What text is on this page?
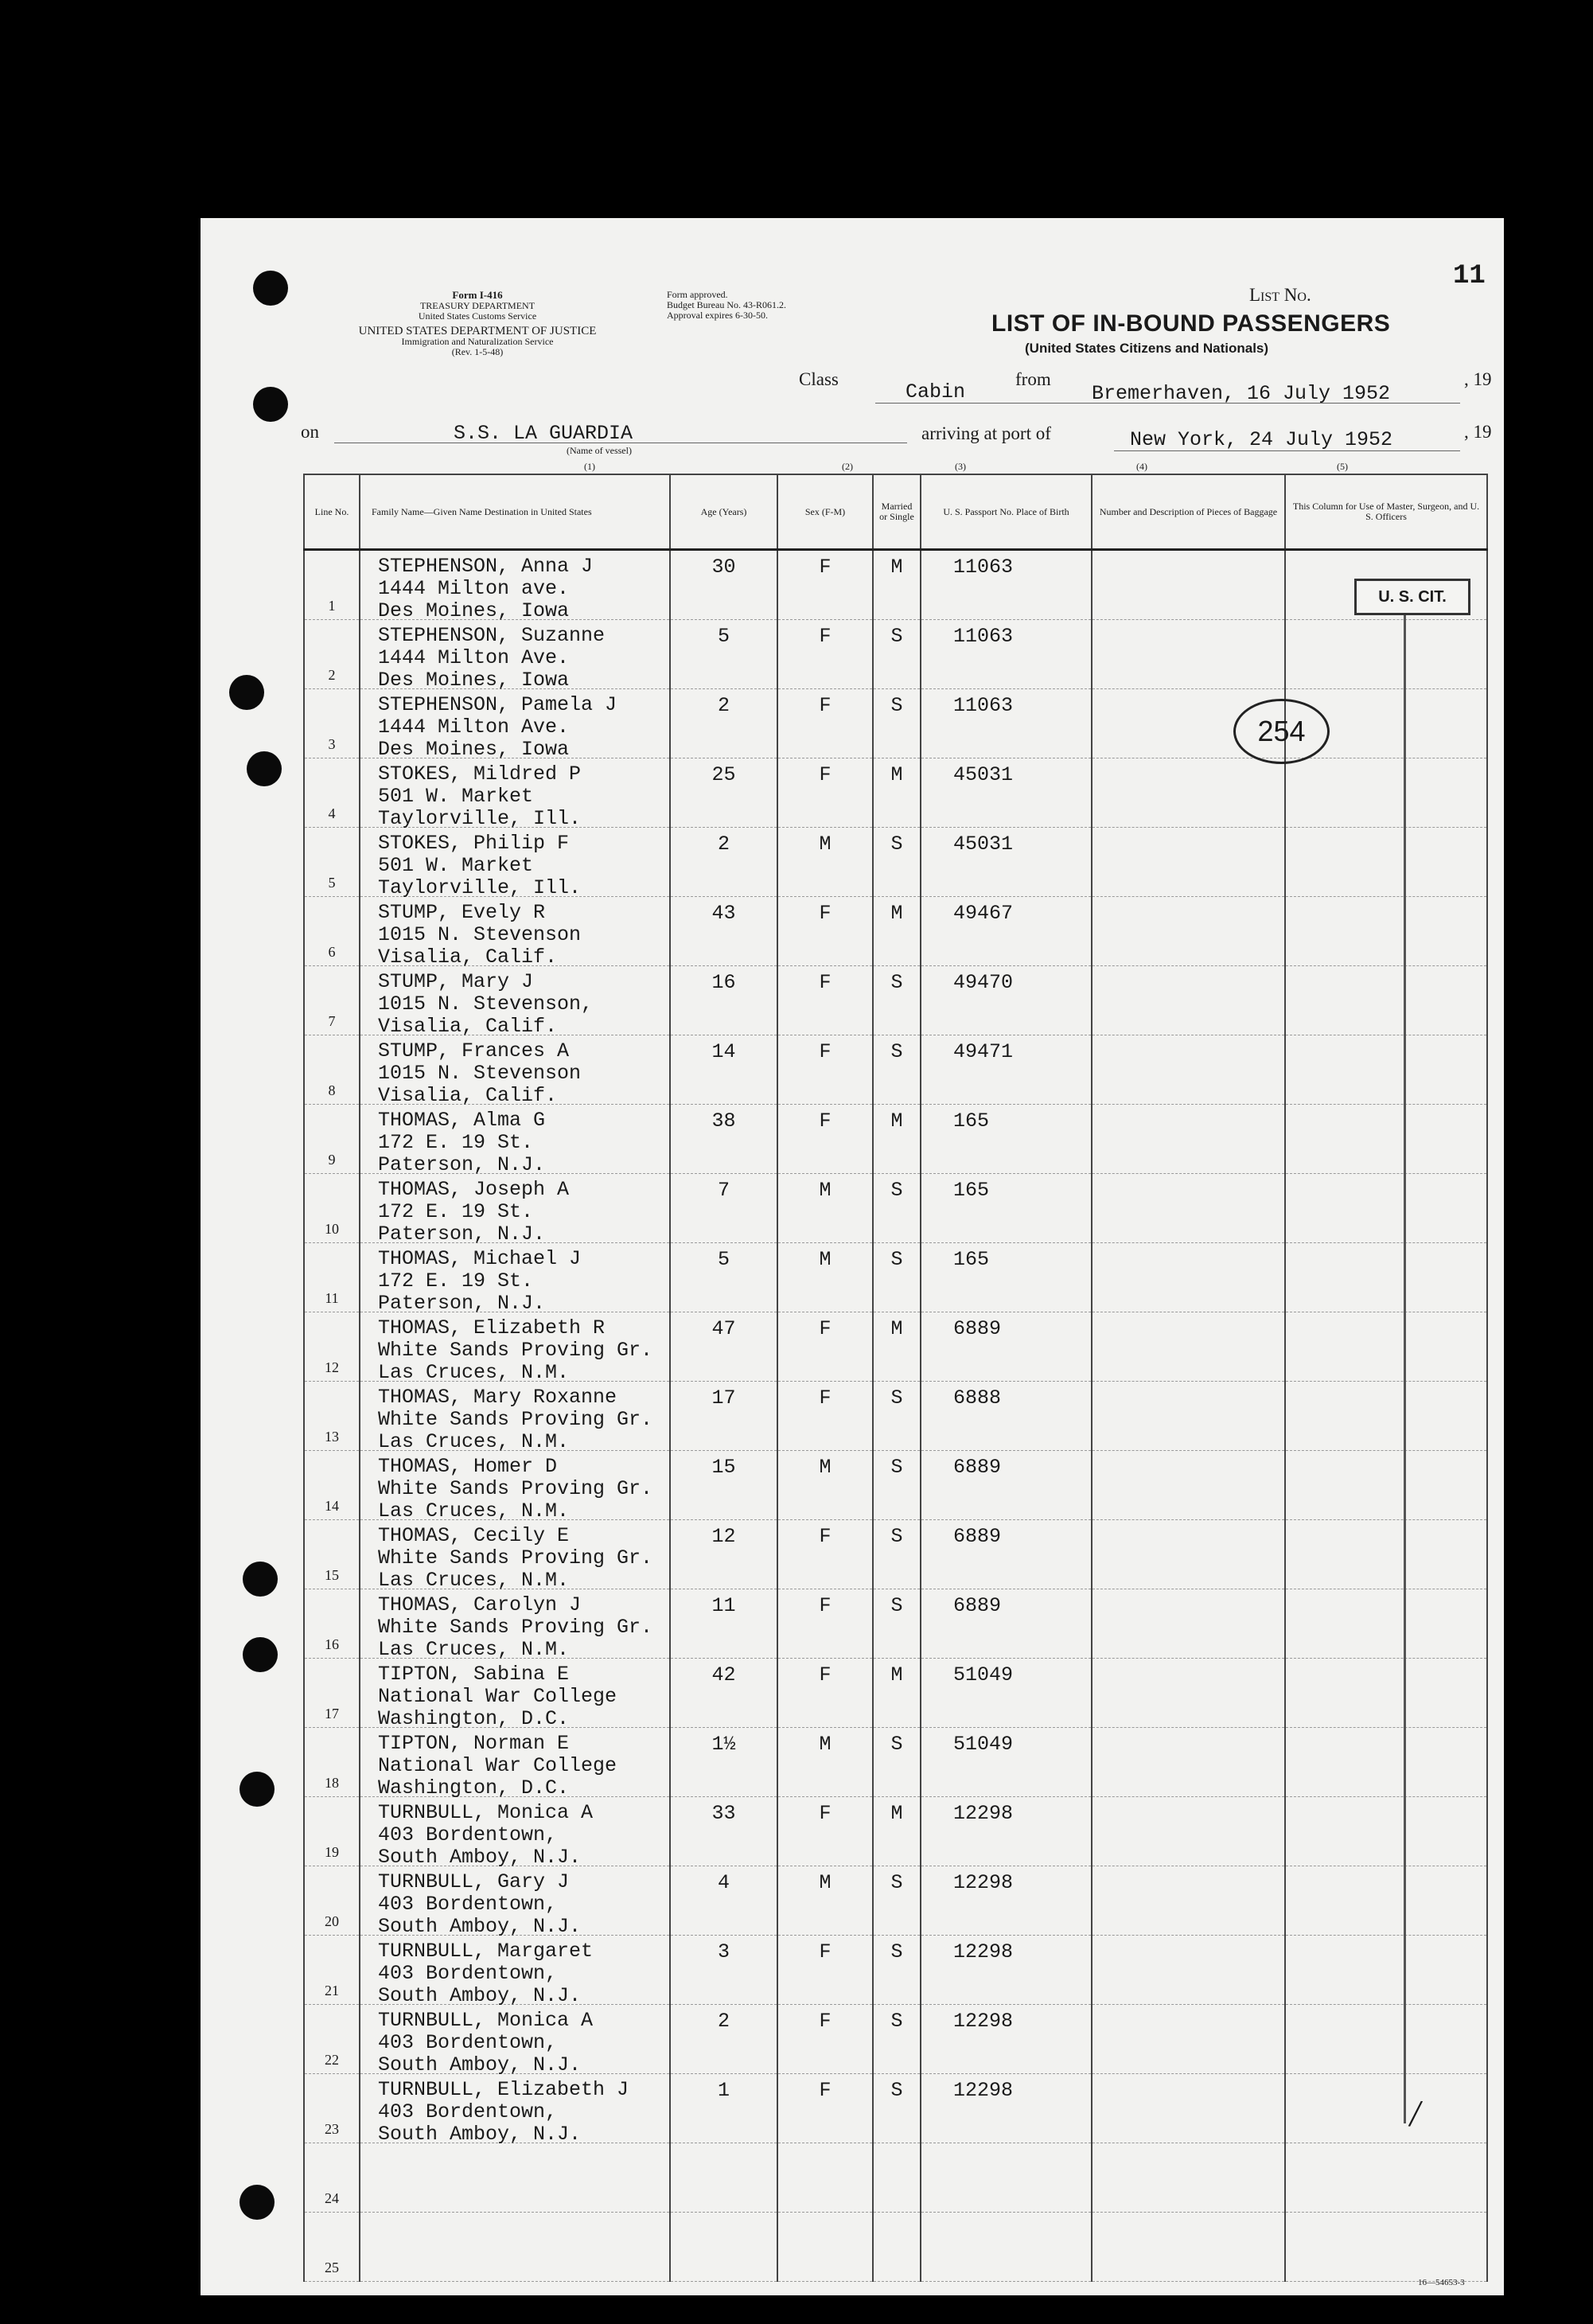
Form I-416
TREASURY DEPARTMENT
United States Customs Service
UNITED STATES DEPARTMENT OF JUSTICE
Immigration and Naturalization Service
(Rev. 1-5-48)
Form approved.
Budget Bureau No. 43-R061.2.
Approval expires 6-30-50.
List No.
11
LIST OF IN-BOUND PASSENGERS
(United States Citizens and Nationals)
Class
Cabin
from
Bremerhaven, 16 July 1952
, 19
on	S.S. LA GUARDIA
(Name of vessel)
arriving at port of	New York, 24 July 1952	, 19
(1)	(2)	(3)	(4)	(5)
Line No.	Family Name—Given Name Destination in United States	Age (Years)	Sex (F-M)	Married or Single	U. S. Passport No. Place of Birth	Number and Description of Pieces of Baggage	This Column for Use of Master, Surgeon, and U. S. Officers

1	STEPHENSON, Anna J
1444 Milton ave.
Des Moines, Iowa	30	F	M	11063		

2	STEPHENSON, Suzanne
1444 Milton Ave.
Des Moines, Iowa	5	F	S	11063		

3	STEPHENSON, Pamela J
1444 Milton Ave.
Des Moines, Iowa	2	F	S	11063		

4	STOKES, Mildred P
501 W. Market
Taylorville, Ill.	25	F	M	45031		

5	STOKES, Philip F
501 W. Market
Taylorville, Ill.	2	M	S	45031		

6	STUMP, Evely R
1015 N. Stevenson
Visalia, Calif.	43	F	M	49467		

7	STUMP, Mary J
1015 N. Stevenson,
Visalia, Calif.	16	F	S	49470		

8	STUMP, Frances A
1015 N. Stevenson
Visalia, Calif.	14	F	S	49471		

9	THOMAS, Alma G
172 E. 19 St.
Paterson, N.J.	38	F	M	165		

10	THOMAS, Joseph A
172 E. 19 St.
Paterson, N.J.	7	M	S	165		

11	THOMAS, Michael J
172 E. 19 St.
Paterson, N.J.	5	M	S	165		

12	THOMAS, Elizabeth R
White Sands Proving Gr.
Las Cruces, N.M.	47	F	M	6889		

13	THOMAS, Mary Roxanne
White Sands Proving Gr.
Las Cruces, N.M.	17	F	S	6888		

14	THOMAS, Homer D
White Sands Proving Gr.
Las Cruces, N.M.	15	M	S	6889		

15	THOMAS, Cecily E
White Sands Proving Gr.
Las Cruces, N.M.	12	F	S	6889		

16	THOMAS, Carolyn J
White Sands Proving Gr.
Las Cruces, N.M.	11	F	S	6889		

17	TIPTON, Sabina E
National War College
Washington, D.C.	42	F	M	51049		

18	TIPTON, Norman E
National War College
Washington, D.C.	1½	M	S	51049		

19	TURNBULL, Monica A
403 Bordentown,
South Amboy, N.J.	33	F	M	12298		

20	TURNBULL, Gary J
403 Bordentown,
South Amboy, N.J.	4	M	S	12298		

21	TURNBULL, Margaret
403 Bordentown,
South Amboy, N.J.	3	F	S	12298		

22	TURNBULL, Monica A
403 Bordentown,
South Amboy, N.J.	2	F	S	12298		

23	TURNBULL, Elizabeth J
403 Bordentown,
South Amboy, N.J.	1	F	S	12298		

24							

25							

U. S. CIT.
254
/
16—54653-3
